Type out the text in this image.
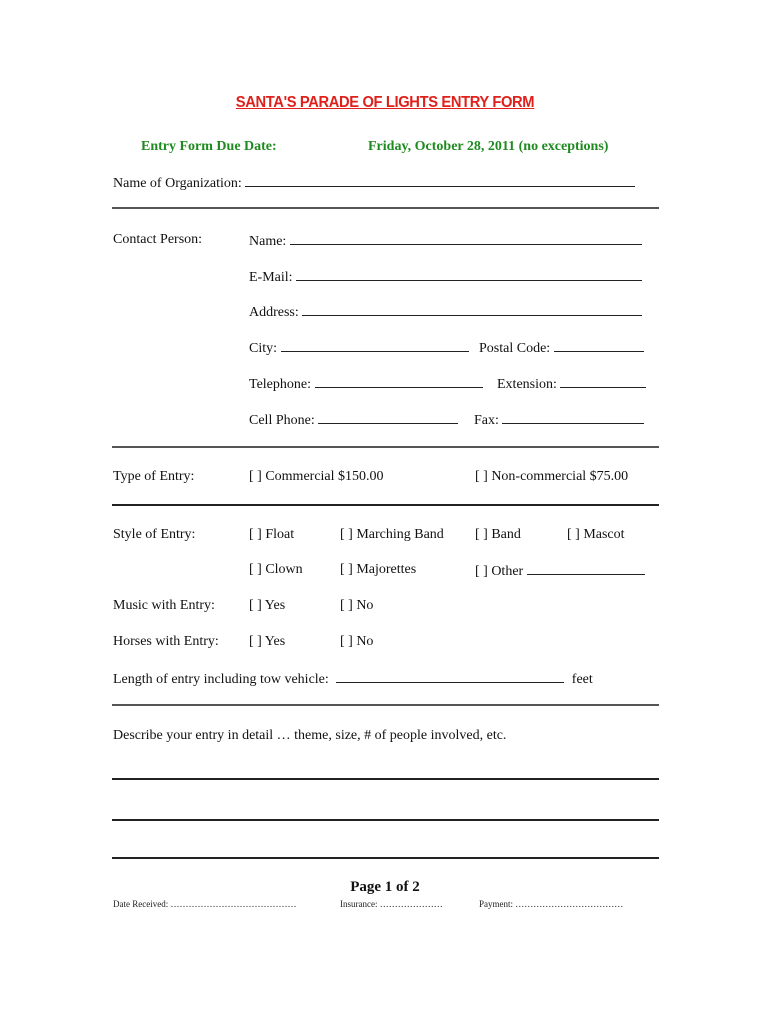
SANTA'S PARADE OF LIGHTS ENTRY FORM
Entry Form Due Date:	Friday, October 28, 2011 (no exceptions)
Name of Organization:
Contact Person:	Name:
E-Mail:
Address:
City:	Postal Code:
Telephone:	Extension:
Cell Phone:	Fax:
Type of Entry:	[ ] Commercial $150.00	[ ] Non-commercial $75.00
Style of Entry:	[ ] Float	[ ] Marching Band [ ] Band	[ ] Mascot
[ ] Clown	[ ] Majorettes	[ ] Other
Music with Entry: [ ] Yes	[ ] No
Horses with Entry: [ ] Yes	[ ] No
Length of entry including tow vehicle:	feet
Describe your entry in detail … theme, size, # of people involved, etc.
Page 1 of 2
Date Received: ……………………………………	Insurance: …………………	Payment: ………………………………
